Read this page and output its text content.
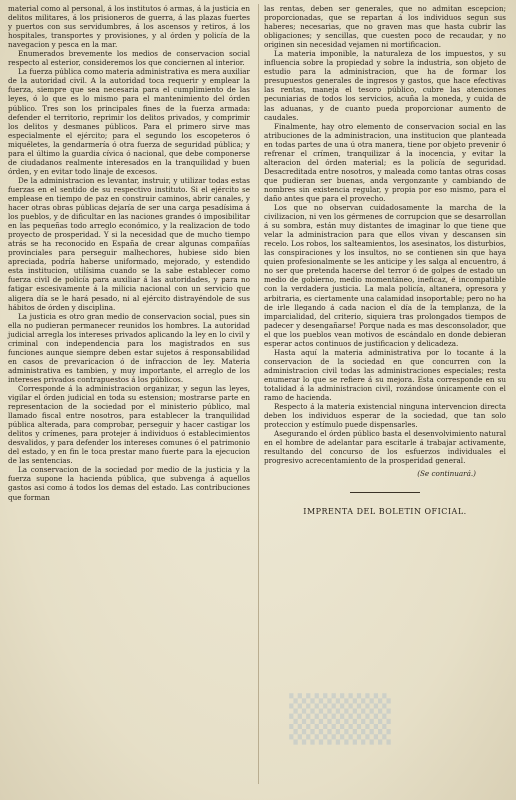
material como al personal, á los institutos ó armas, á la justicia en delitos militares, á los prisioneros de guerra, á las plazas fuertes y puertos con sus servidumbres, á los ascensos y retiros, á los hospitales, transportes y provisiones, y al órden y policía de la navegacion y pesca en la mar.

Enumerados brevemente los medios de conservacion social respecto al esterior, consideremos los que conciernen al interior.

La fuerza pública como materia administrativa es mera auxiliar de la autoridad civil. A la autoridad toca requerir y emplear la fuerza, siempre que sea necesaria para el cumplimiento de las leyes, ó lo que es lo mismo para el mantenimiento del órden público. Tres son los principales fines de la fuerza armada: defender el territorio, reprimir los delitos privados, y comprimir los delitos y desmanes públicos. Para el primero sirve mas especialmente el ejército; para el segundo los escopeteros ó miquéletes, la gendarmería ó otra fuerza de seguridad pública; y para el último la guardia cívica ó nacional, que debe componerse de ciudadanos realmente interesados en la tranquilidad y buen órden, y en evitar todo linaje de excesos.

De la administracion es levantar, instruir, y utilizar todas estas fuerzas en el sentido de su respectivo instituto. Si el ejército se emplease en tiempo de paz en construir caminos, abrir canales, y hacer otras obras públicas dejaría de ser una carga pesadísima á los pueblos, y de dificultar en las naciones grandes ó imposibilitar en las pequeñas todo arreglo económico, y la realizacion de todo proyecto de prosperidad. Y si la necesidad que de mucho tiempo atrás se ha reconocido en España de crear algunas compañías provinciales para perseguir malhechores, hubiese sido bien apreciada, podría haberse uniformado, mejorado, y estendido esta institucion, utilísima cuando se la sabe establecer como fuerza civil de policía para auxiliar á las autoridades, y para no fatigar escesivamente á la milicia nacional con un servicio que aligera día se le hará pesado, ni al ejército distrayéndole de sus hábitos de órden y disciplina.

La justicia es otro gran medio de conservacion social, pues sin ella no pudieran permanecer reunidos los hombres. La autoridad judicial arregla los intereses privados aplicando la ley en lo civil y criminal con independencia para los magistrados en sus funciones aunque siempre deben estar sujetos á responsabilidad en casos de prevaricacion ó de infraccion de ley. Materia administrativa es tambien, y muy importante, el arreglo de los intereses privados contrapuestos á los públicos.

Corresponde á la administracion organizar, y segun las leyes, vigilar el órden judicial en toda su estension; mostrarse parte en representacion de la sociedad por el ministerio público, mal llamado fiscal entre nosotros, para establecer la tranquilidad pública alterada, para comprobar, perseguir y hacer castigar los delitos y crímenes, para protejer á individuos ó establecimientos desvalidos, y para defender los intereses comunes ó el patrimonio del estado, y en fin le toca prestar mano fuerte para la ejecucion de las sentencias.

La conservacion de la sociedad por medio de la justicia y la fuerza supone la hacienda pública, que subvenga á aquellos gastos asi como á todos los demas del estado. Las contribuciones que forman

las rentas, deben ser generales, que no admitan escepcion; proporcionadas, que se repartan á los individuos segun sus haberes; necesarias, que no graven mas que hasta cubrir las obligaciones; y sencillas, que cuesten poco de recaudar, y no originen sin necesidad vejamen ni mortificacion.

La materia imponible, la naturaleza de los impuestos, y su influencia sobre la propiedad y sobre la industria, son objeto de estudio para la administracion, que ha de formar los presupuestos generales de ingresos y gastos, que hace efectivas las rentas, maneja el tesoro público, cubre las atenciones pecuniarias de todos los servicios, acuña la moneda, y cuida de las aduanas, y de cuanto pueda proporcionar aumento de caudales.

Finalmente, hay otro elemento de conservacion social en las atribuciones de la administracion, una institucion que planteada en todas partes de una ú otra manera, tiene por objeto prevenir ó refrenar el crímen, tranquilizar á la inocencia, y evitar la alteracion del órden material; es la policía de seguridad. Desacreditada entre nosotros, y maleada como tantas otras cosas que pudieran ser buenas, anda vergonzante y cambiando de nombres sin existencia regular, y propia por eso mismo, para el daño antes que para el provecho.

Los que no observan cuidadosamente la marcha de la civilizacion, ni ven los gérmenes de corrupcion que se desarrollan á su sombra, están muy distantes de imaginar lo que tiene que velar la administracion para que ellos vivan y descansen sin recelo. Los robos, los salteamientos, los asesinatos, los disturbios, las conspiraciones y los insultos, no se contienen sin que haya quien profesionalmente se les anticipe y les salga al encuentro, á no ser que pretenda hacerse del terror ó de golpes de estado un medio de gobierno, medio momentáneo, ineficaz, é incompatible con la verdadera justicia. La mala policía, altanera, opresora y arbitraria, es ciertamente una calamidad insoportable; pero no ha de irle llegando á cada nacion el día de la templanza, de la imparcialidad, del criterio, siquiera tras prolongados tiempos de padecer y desengañarse! Porque nada es mas desconsolador, que el que los pueblos vean motivos de escándalo en donde debieran esperar actos continuos de justificacion y delicadeza.

Hasta aquí la materia administrativa por lo tocante á la conservacion de la sociedad en que concurren con la administracion civil todas las administraciones especiales; resta enumerar lo que se refiere á su mejora. Esta corresponde en su totalidad á la administracion civil, rozándose únicamente con el ramo de hacienda.

Respecto á la materia existencial ninguna intervencion directa deben los individuos esperar de la sociedad, que tan solo proteccion y estímulo puede dispensarles.

Asegurando el órden público basta el desenvolvimiento natural en el hombre de adelantar para escitarle á trabajar activamente, resultando del concurso de los esfuerzos individuales el progresivo acrecentamiento de la prosperidad general.

(Se continuará.)
IMPRENTA DEL BOLETIN OFICIAL.
▒▒▒
